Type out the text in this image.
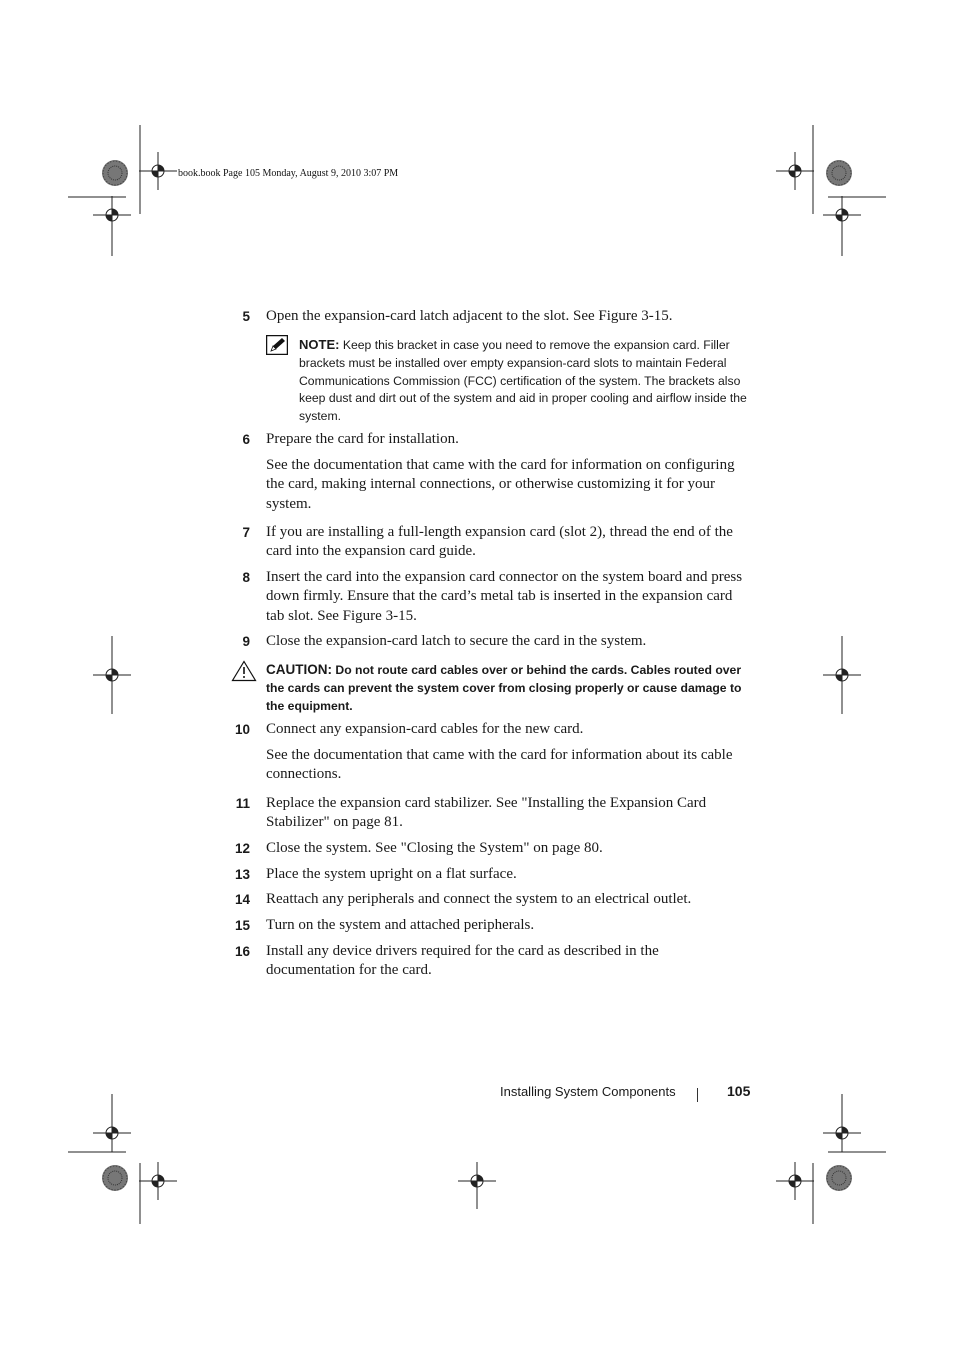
book.book Page 105 Monday, August 9, 2010 3:07 PM
5 Open the expansion-card latch adjacent to the slot. See Figure 3-15.
NOTE: Keep this bracket in case you need to remove the expansion card. Filler brackets must be installed over empty expansion-card slots to maintain Federal Communications Commission (FCC) certification of the system. The brackets also keep dust and dirt out of the system and aid in proper cooling and airflow inside the system.
6 Prepare the card for installation.
See the documentation that came with the card for information on configuring the card, making internal connections, or otherwise customizing it for your system.
7 If you are installing a full-length expansion card (slot 2), thread the end of the card into the expansion card guide.
8 Insert the card into the expansion card connector on the system board and press down firmly. Ensure that the card’s metal tab is inserted in the expansion card tab slot. See Figure 3-15.
9 Close the expansion-card latch to secure the card in the system.
CAUTION: Do not route card cables over or behind the cards. Cables routed over the cards can prevent the system cover from closing properly or cause damage to the equipment.
10 Connect any expansion-card cables for the new card.
See the documentation that came with the card for information about its cable connections.
11 Replace the expansion card stabilizer. See "Installing the Expansion Card Stabilizer" on page 81.
12 Close the system. See "Closing the System" on page 80.
13 Place the system upright on a flat surface.
14 Reattach any peripherals and connect the system to an electrical outlet.
15 Turn on the system and attached peripherals.
16 Install any device drivers required for the card as described in the documentation for the card.
Installing System Components	105
